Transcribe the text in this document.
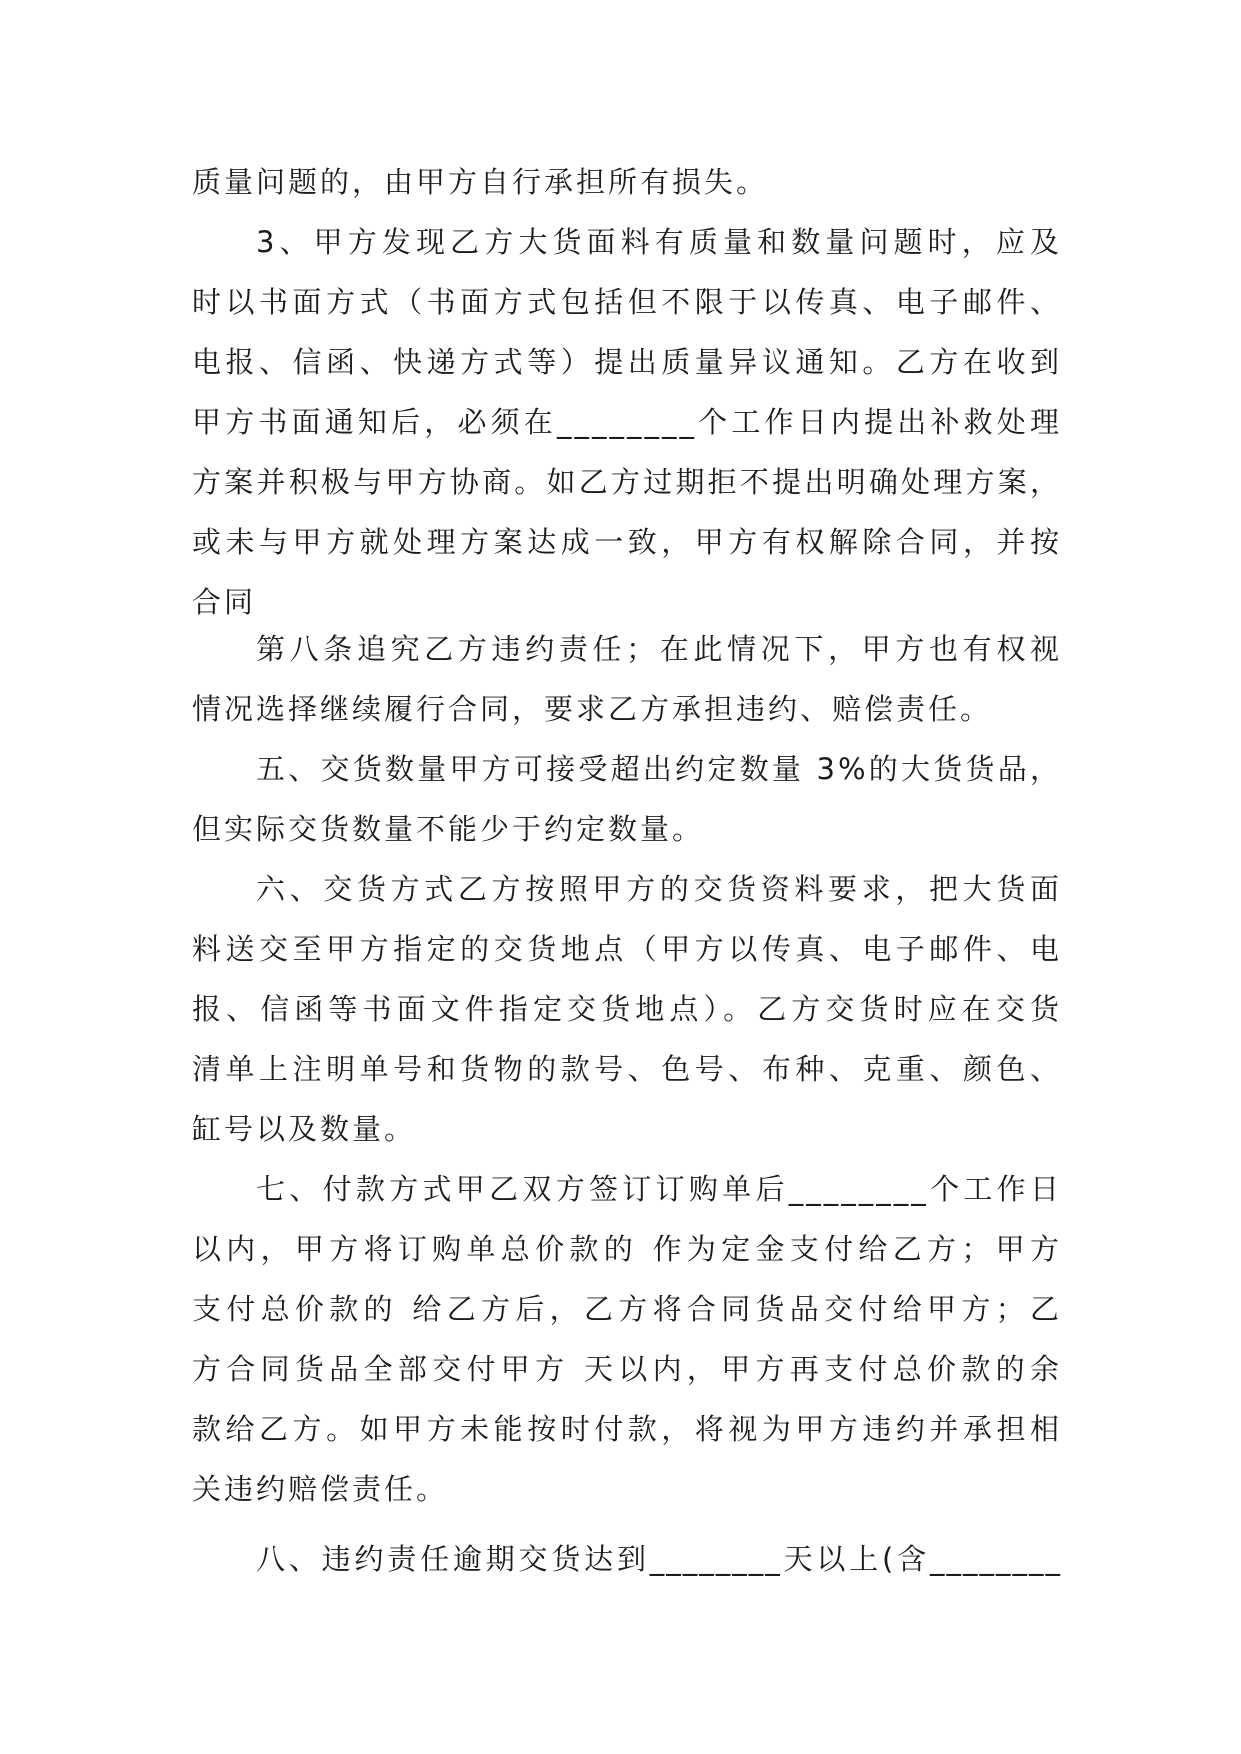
质量问题的，由甲方自行承担所有损失。
3、甲方发现乙方大货面料有质量和数量问题时，应及
时以书面方式（书面方式包括但不限于以传真、电子邮件、
电报、信函、快递方式等）提出质量异议通知。乙方在收到
甲方书面通知后，必须在________个工作日内提出补救处理
方案并积极与甲方协商。如乙方过期拒不提出明确处理方案，
或未与甲方就处理方案达成一致，甲方有权解除合同，并按
合同
第八条追究乙方违约责任；在此情况下，甲方也有权视
情况选择继续履行合同，要求乙方承担违约、赔偿责任。
五、交货数量甲方可接受超出约定数量 3%的大货货品，
但实际交货数量不能少于约定数量。
六、交货方式乙方按照甲方的交货资料要求，把大货面
料送交至甲方指定的交货地点（甲方以传真、电子邮件、电
报、信函等书面文件指定交货地点）。乙方交货时应在交货
清单上注明单号和货物的款号、色号、布种、克重、颜色、
缸号以及数量。
七、付款方式甲乙双方签订订购单后________个工作日
以内，甲方将订购单总价款的 作为定金支付给乙方；甲方
支付总价款的 给乙方后，乙方将合同货品交付给甲方；乙
方合同货品全部交付甲方 天以内，甲方再支付总价款的余
款给乙方。如甲方未能按时付款，将视为甲方违约并承担相
关违约赔偿责任。
八、违约责任逾期交货达到________天以上(含________
